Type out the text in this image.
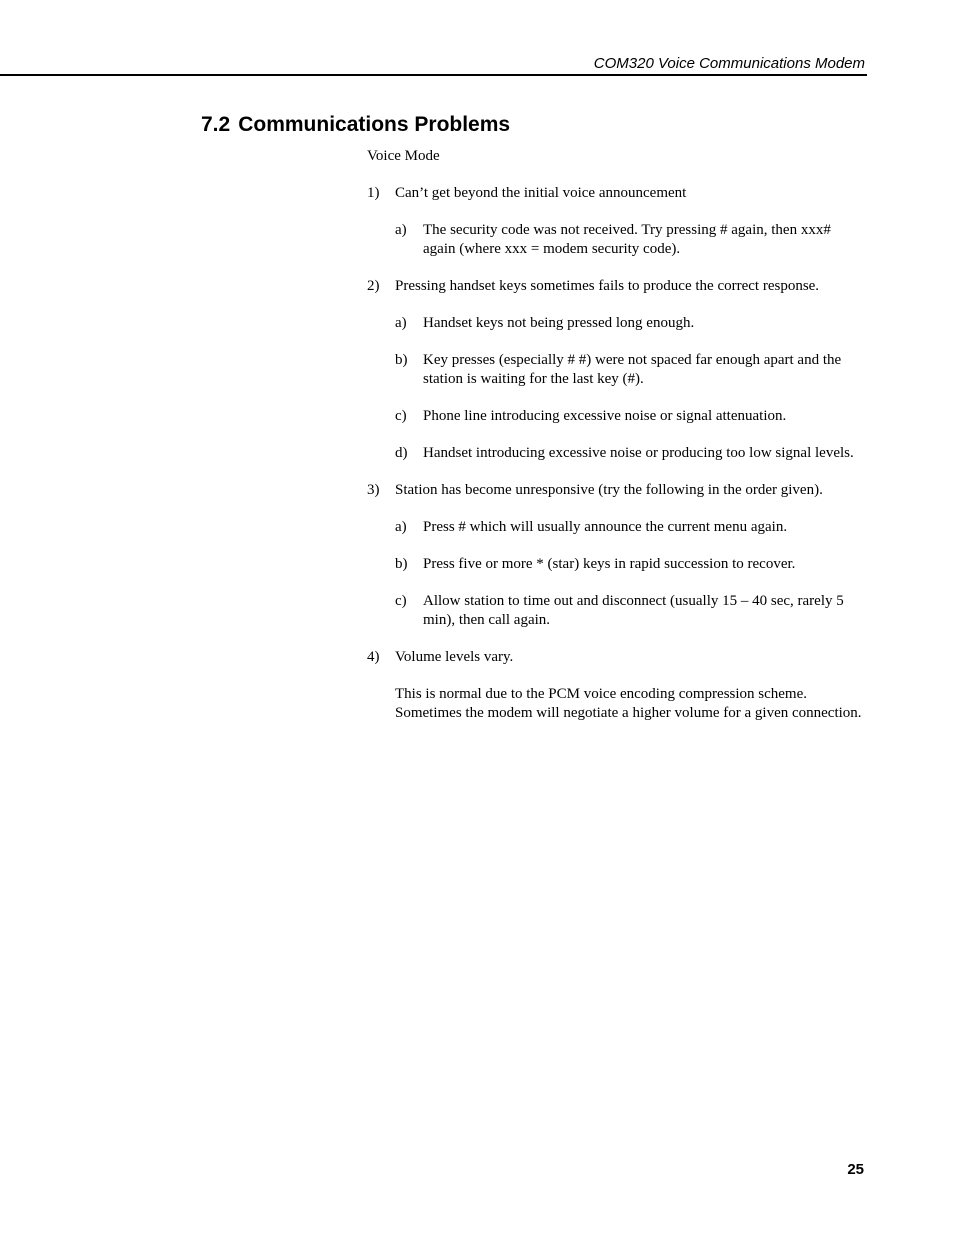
COM320 Voice Communications Modem
7.2 Communications Problems

Voice Mode

1)	Can’t get beyond the initial voice announcement
a)	The security code was not received. Try pressing # again, then xxx# again (where xxx = modem security code).
2)	Pressing handset keys sometimes fails to produce the correct response.
a)	Handset keys not being pressed long enough.
b)	Key presses (especially # #) were not spaced far enough apart and the station is waiting for the last key (#).
c)	Phone line introducing excessive noise or signal attenuation.
d)	Handset introducing excessive noise or producing too low signal levels.
3)	Station has become unresponsive (try the following in the order given).
a)	Press # which will usually announce the current menu again.
b)	Press five or more * (star) keys in rapid succession to recover.
c)	Allow station to time out and disconnect (usually 15 – 40 sec, rarely 5 min), then call again.
4)	Volume levels vary.

This is normal due to the PCM voice encoding compression scheme. Sometimes the modem will negotiate a higher volume for a given connection.

25
